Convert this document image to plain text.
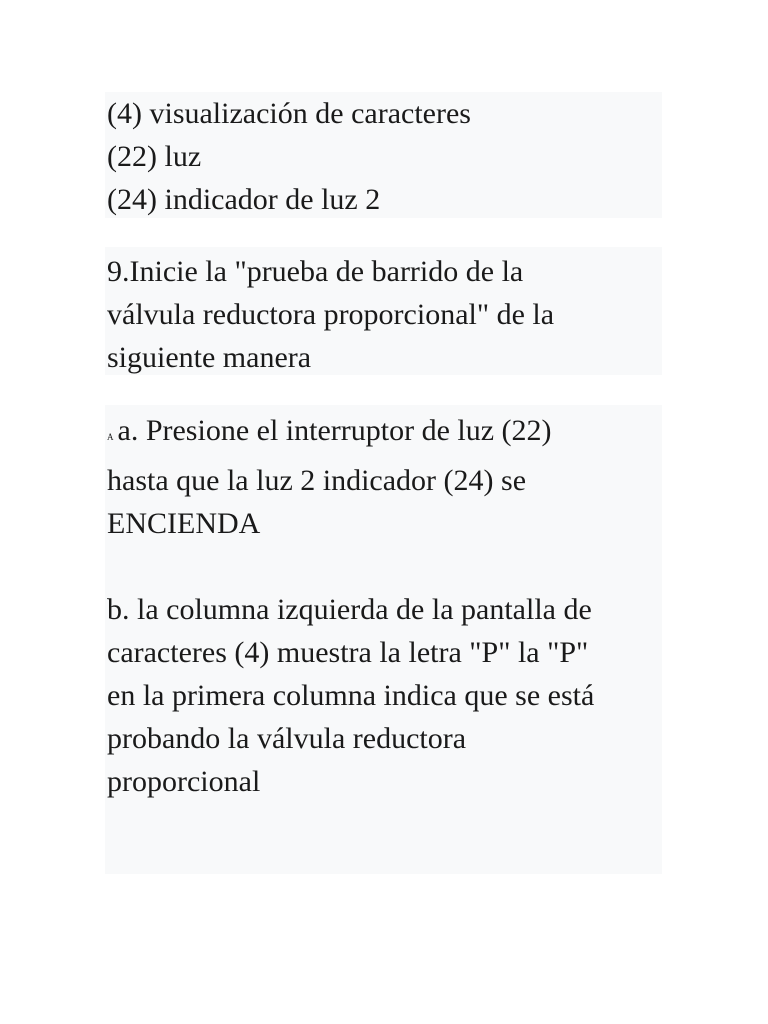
(4) visualización de caracteres
(22) luz
(24) indicador de luz 2
9.Inicie la "prueba de barrido de la
válvula reductora proporcional" de la
siguiente manera
A a. Presione el interruptor de luz (22)
hasta que la luz 2 indicador (24) se
ENCIENDA
b. la columna izquierda de la pantalla de
caracteres (4) muestra la letra "P" la "P"
en la primera columna indica que se está
probando la válvula reductora
proporcional
